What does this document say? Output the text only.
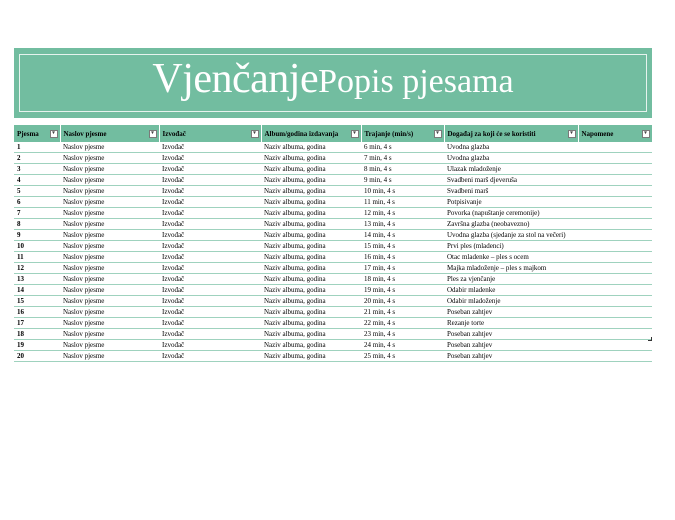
VjenčanjePopis pjesama
Pjesma ▾	Naslov pjesme ▾	Izvođač ▾	Album/godina izdavanja ▾	Trajanje (min/s) ▾	Događaj za koji će se koristiti ▾	Napomene ▾

1	Naslov pjesme	Izvođač	Naziv albuma, godina	6 min, 4 s	Uvodna glazba	
2	Naslov pjesme	Izvođač	Naziv albuma, godina	7 min, 4 s	Uvodna glazba	
3	Naslov pjesme	Izvođač	Naziv albuma, godina	8 min, 4 s	Ulazak mladoženje	
4	Naslov pjesme	Izvođač	Naziv albuma, godina	9 min, 4 s	Svadbeni marš djeveruša	
5	Naslov pjesme	Izvođač	Naziv albuma, godina	10 min, 4 s	Svadbeni marš	
6	Naslov pjesme	Izvođač	Naziv albuma, godina	11 min, 4 s	Potpisivanje	
7	Naslov pjesme	Izvođač	Naziv albuma, godina	12 min, 4 s	Povorka (napuštanje ceremonije)	
8	Naslov pjesme	Izvođač	Naziv albuma, godina	13 min, 4 s	Završna glazba (neobavezno)	
9	Naslov pjesme	Izvođač	Naziv albuma, godina	14 min, 4 s	Uvodna glazba (sjedanje za stol na večeri)	
10	Naslov pjesme	Izvođač	Naziv albuma, godina	15 min, 4 s	Prvi ples (mladenci)	
11	Naslov pjesme	Izvođač	Naziv albuma, godina	16 min, 4 s	Otac mladenke – ples s ocem	
12	Naslov pjesme	Izvođač	Naziv albuma, godina	17 min, 4 s	Majka mladoženje – ples s majkom	
13	Naslov pjesme	Izvođač	Naziv albuma, godina	18 min, 4 s	Ples za vjenčanje	
14	Naslov pjesme	Izvođač	Naziv albuma, godina	19 min, 4 s	Odabir mladenke	
15	Naslov pjesme	Izvođač	Naziv albuma, godina	20 min, 4 s	Odabir mladoženje	
16	Naslov pjesme	Izvođač	Naziv albuma, godina	21 min, 4 s	Poseban zahtjev	
17	Naslov pjesme	Izvođač	Naziv albuma, godina	22 min, 4 s	Rezanje torte	
18	Naslov pjesme	Izvođač	Naziv albuma, godina	23 min, 4 s	Poseban zahtjev	
19	Naslov pjesme	Izvođač	Naziv albuma, godina	24 min, 4 s	Poseban zahtjev	
20	Naslov pjesme	Izvođač	Naziv albuma, godina	25 min, 4 s	Poseban zahtjev	
